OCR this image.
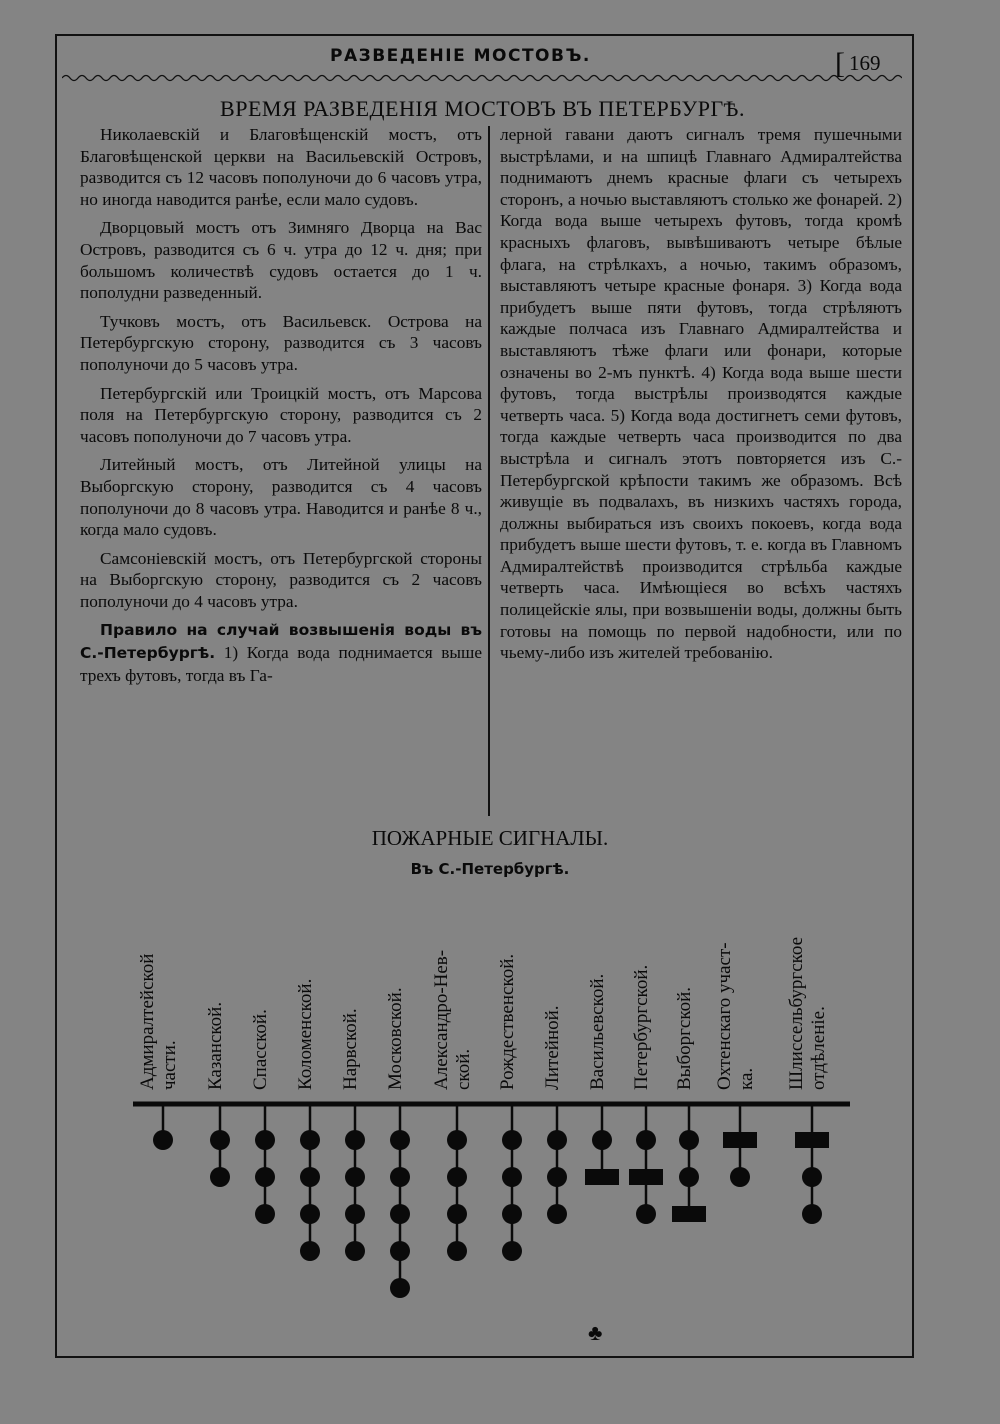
РАЗВЕДЕНІЕ МОСТОВЪ.	[ 169
ВРЕМЯ РАЗВЕДЕНІЯ МОСТОВЪ ВЪ ПЕТЕРБУРГѢ.

Николаевскій и Благовѣщенскій мостъ, отъ Благовѣщенской церкви на Васильевскій Островъ, разводится съ 12 часовъ пополуночи до 6 часовъ утра, но иногда наводится ранѣе, если мало судовъ.

Дворцовый мостъ отъ Зимняго Дворца на Вас Островъ, разводится съ 6 ч. утра до 12 ч. дня; при большомъ количествѣ судовъ остается до 1 ч. пополудни разведенный.

Тучковъ мостъ, отъ Васильевск. Острова на Петербургскую сторону, разводится съ 3 часовъ пополуночи до 5 часовъ утра.

Петербургскій или Троицкій мостъ, отъ Марсова поля на Петербургскую сторону, разводится съ 2 часовъ пополуночи до 7 часовъ утра.

Литейный мостъ, отъ Литейной улицы на Выборгскую сторону, разводится съ 4 часовъ пополуночи до 8 часовъ утра. Наводится и ранѣе 8 ч., когда мало судовъ.

Самсоніевскій мостъ, отъ Петербургской стороны на Выборгскую сторону, разводится съ 2 часовъ пополуночи до 4 часовъ утра.

Правило на случай возвышенія воды въ С.-Петербургѣ. 1) Когда вода поднимается выше трехъ футовъ, тогда въ Га-

лерной гавани даютъ сигналъ тремя пушечными выстрѣлами, и на шпицѣ Главнаго Адмиралтейства поднимаютъ днемъ красные флаги съ четырехъ сторонъ, а ночью выставляютъ столько же фонарей. 2) Когда вода выше четырехъ футовъ, тогда кромѣ красныхъ флаговъ, вывѣшиваютъ четыре бѣлые флага, на стрѣлкахъ, а ночью, такимъ образомъ, выставляютъ четыре красные фонаря. 3) Когда вода прибудетъ выше пяти футовъ, тогда стрѣляютъ каждые полчаса изъ Главнаго Адмиралтейства и выставляютъ тѣже флаги или фонари, которые означены во 2-мъ пунктѣ. 4) Когда вода выше шести футовъ, тогда выстрѣлы производятся каждые четверть часа. 5) Когда вода достигнетъ семи футовъ, тогда каждые четверть часа производится по два выстрѣла и сигналъ этотъ повторяется изъ С.-Петербургской крѣпости такимъ же образомъ. Всѣ живущіе въ подвалахъ, въ низкихъ частяхъ города, должны выбираться изъ своихъ покоевъ, когда вода прибудетъ выше шести футовъ, т. е. когда въ Главномъ Адмиралтействѣ производится стрѣльба каждые четверть часа. Имѣющіеся во всѣхъ частяхъ полицейскіе ялы, при возвышеніи воды, должны быть готовы на помощь по первой надобности, или по чьему-либо изъ жителей требованію.

ПОЖАРНЫЕ СИГНАЛЫ.
Въ С.-Петербургѣ.
Адмиралтейской части. Казанской. Спасской. Коломенской. Нарвской. Московской. Александро-Нев- ской. Рождественской. Литейной. Васильевской. Петербургской. Выборгской. Охтенскаго участ- ка. Шлиссельбургское отдѣленіе.
♣
